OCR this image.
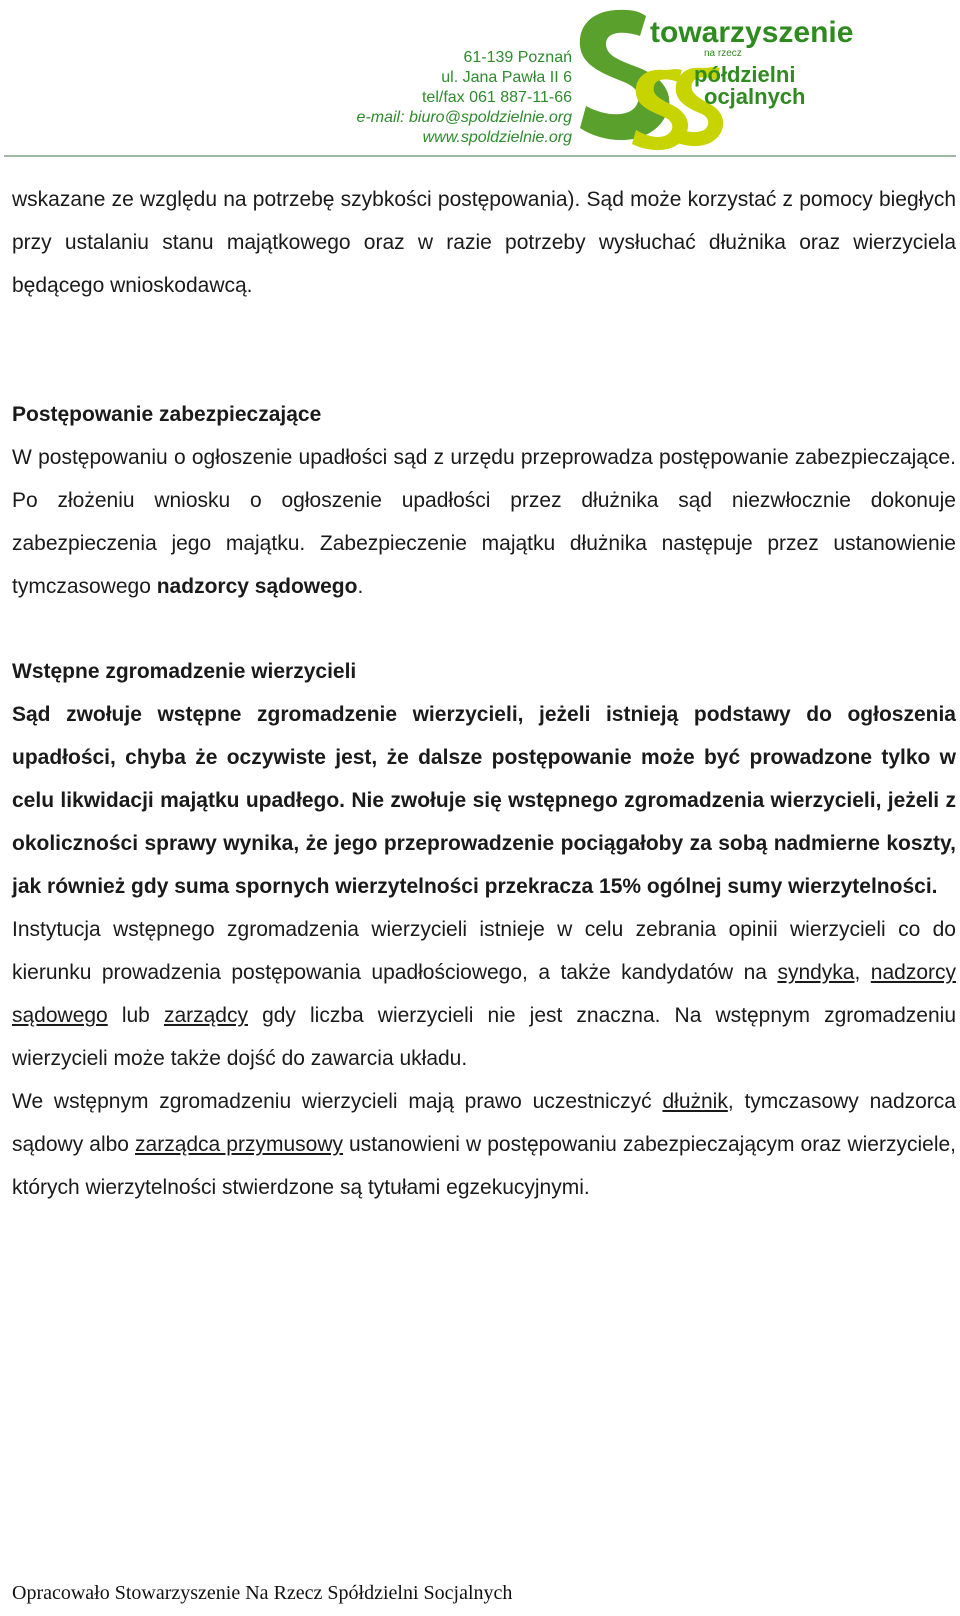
61-139 Poznań
ul. Jana Pawła II 6
tel/fax 061 887-11-66
e-mail: biuro@spoldzielnie.org
www.spoldzielnie.org
towarzyszenie
na rzecz
półdzielni
ocjalnych

wskazane ze względu na potrzebę szybkości postępowania). Sąd może korzystać z pomocy biegłych przy ustalaniu stanu majątkowego oraz w razie potrzeby wysłuchać dłużnika oraz wierzyciela będącego wnioskodawcą.

Postępowanie zabezpieczające

W postępowaniu o ogłoszenie upadłości sąd z urzędu przeprowadza postępowanie zabezpieczające. Po złożeniu wniosku o ogłoszenie upadłości przez dłużnika sąd niezwłocznie dokonuje zabezpieczenia jego majątku. Zabezpieczenie majątku dłużnika następuje przez ustanowienie tymczasowego nadzorcy sądowego.

Wstępne zgromadzenie wierzycieli

Sąd zwołuje wstępne zgromadzenie wierzycieli, jeżeli istnieją podstawy do ogłoszenia upadłości, chyba że oczywiste jest, że dalsze postępowanie może być prowadzone tylko w celu likwidacji majątku upadłego. Nie zwołuje się wstępnego zgromadzenia wierzycieli, jeżeli z okoliczności sprawy wynika, że jego przeprowadzenie pociągałoby za sobą nadmierne koszty, jak również gdy suma spornych wierzytelności przekracza 15% ogólnej sumy wierzytelności.

Instytucja wstępnego zgromadzenia wierzycieli istnieje w celu zebrania opinii wierzycieli co do kierunku prowadzenia postępowania upadłościowego, a także kandydatów na syndyka, nadzorcy sądowego lub zarządcy gdy liczba wierzycieli nie jest znaczna. Na wstępnym zgromadzeniu wierzycieli może także dojść do zawarcia układu.

We wstępnym zgromadzeniu wierzycieli mają prawo uczestniczyć dłużnik, tymczasowy nadzorca sądowy albo zarządca przymusowy ustanowieni w postępowaniu zabezpieczającym oraz wierzyciele, których wierzytelności stwierdzone są tytułami egzekucyjnymi.

Opracowało Stowarzyszenie Na Rzecz Spółdzielni Socjalnych
